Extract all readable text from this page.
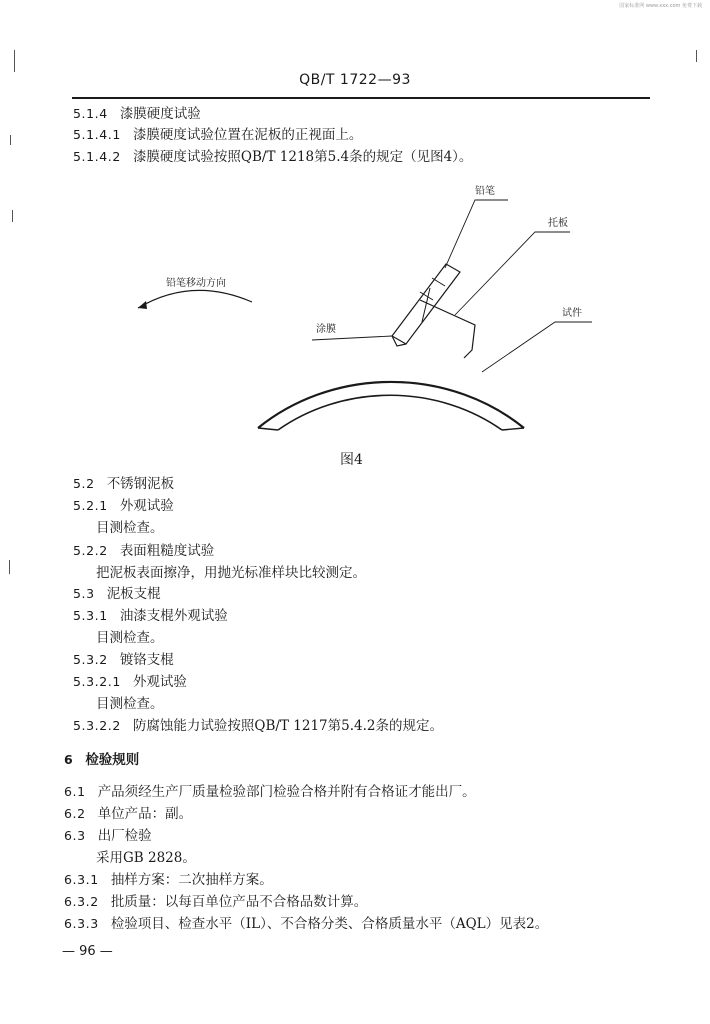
国家标准网 www.xxx.com 免费下载
QB/T 1722—93
5.1.4 漆膜硬度试验
5.1.4.1 漆膜硬度试验位置在泥板的正视面上。
5.1.4.2 漆膜硬度试验按照QB/T 1218第5.4条的规定（见图4）。
铅笔
托板
铅笔移动方向
涂膜
试件
图4
5.2 不锈钢泥板
5.2.1 外观试验
目测检查。
5.2.2 表面粗糙度试验
把泥板表面擦净，用抛光标准样块比较测定。
5.3 泥板支棍
5.3.1 油漆支棍外观试验
目测检查。
5.3.2 镀铬支棍
5.3.2.1 外观试验
目测检查。
5.3.2.2 防腐蚀能力试验按照QB/T 1217第5.4.2条的规定。
6 检验规则
6.1 产品须经生产厂质量检验部门检验合格并附有合格证才能出厂。
6.2 单位产品：副。
6.3 出厂检验
采用GB 2828。
6.3.1 抽样方案：二次抽样方案。
6.3.2 批质量：以每百单位产品不合格品数计算。
6.3.3 检验项目、检查水平（IL）、不合格分类、合格质量水平（AQL）见表2。
— 96 —
